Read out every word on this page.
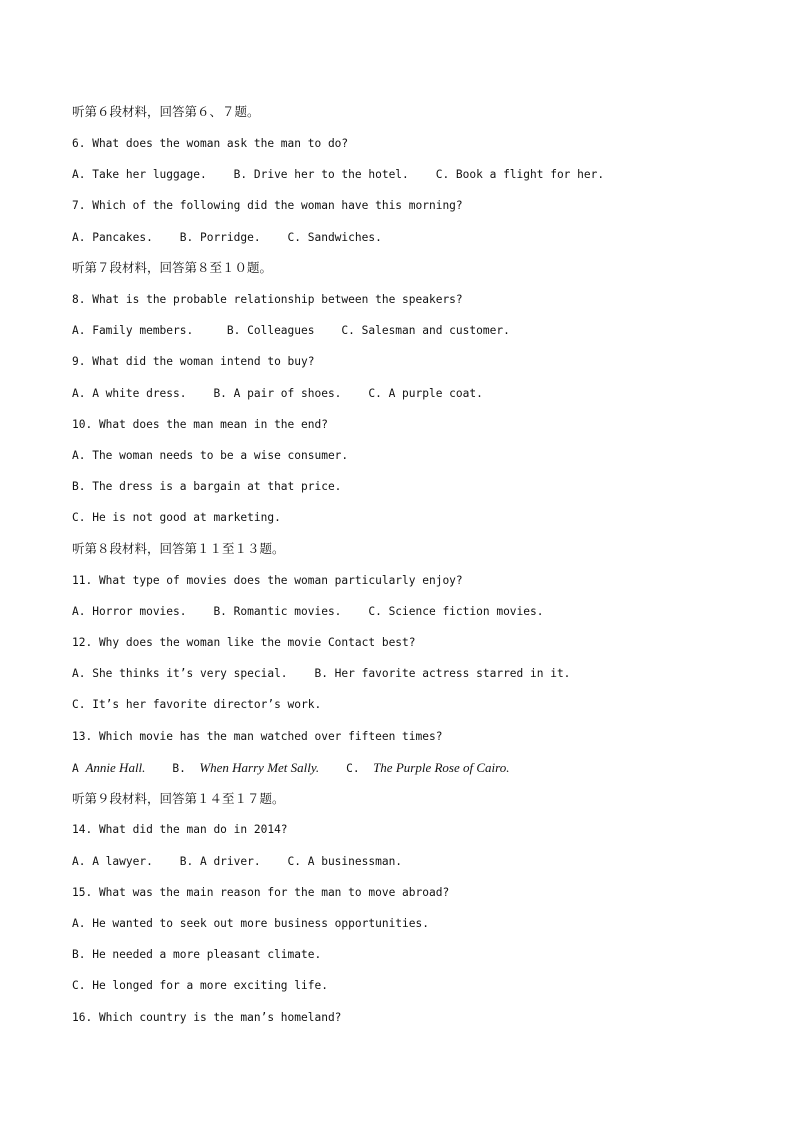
听第６段材料，回答第６、７题。
6. What does the woman ask the man to do?
A. Take her luggage.    B. Drive her to the hotel.    C. Book a flight for her.
7. Which of the following did the woman have this morning?
A. Pancakes.    B. Porridge.    C. Sandwiches.
听第７段材料，回答第８至１０题。
8. What is the probable relationship between the speakers?
A. Family members.     B. Colleagues    C. Salesman and customer.
9. What did the woman intend to buy?
A. A white dress.    B. A pair of shoes.    C. A purple coat.
10. What does the man mean in the end?
A. The woman needs to be a wise consumer.
B. The dress is a bargain at that price.
C. He is not good at marketing.
听第８段材料，回答第１１至１３题。
11. What type of movies does the woman particularly enjoy?
A. Horror movies.    B. Romantic movies.    C. Science fiction movies.
12. Why does the woman like the movie Contact best?
A. She thinks it’s very special.    B. Her favorite actress starred in it.
C. It’s her favorite director’s work.
13. Which movie has the man watched over fifteen times?
A Annie Hall.    B.  When Harry Met Sally.    C.  The Purple Rose of Cairo.
听第９段材料，回答第１４至１７题。
14. What did the man do in 2014?
A. A lawyer.    B. A driver.    C. A businessman.
15. What was the main reason for the man to move abroad?
A. He wanted to seek out more business opportunities.
B. He needed a more pleasant climate.
C. He longed for a more exciting life.
16. Which country is the man’s homeland?
